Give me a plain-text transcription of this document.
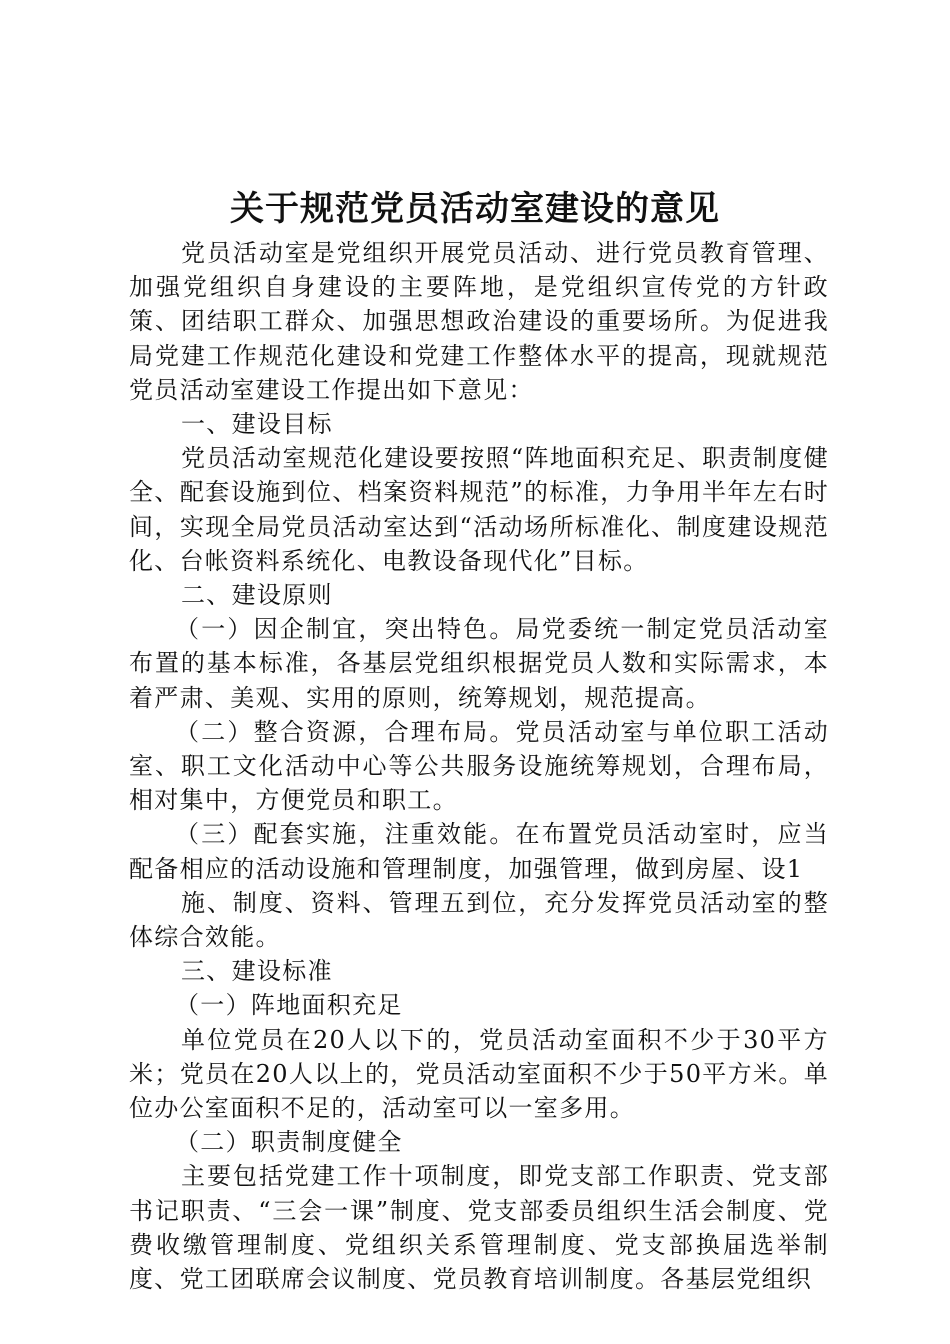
关于规范党员活动室建设的意见

党员活动室是党组织开展党员活动、进行党员教育管理、加强党组织自身建设的主要阵地，是党组织宣传党的方针政策、团结职工群众、加强思想政治建设的重要场所。为促进我局党建工作规范化建设和党建工作整体水平的提高，现就规范党员活动室建设工作提出如下意见：

一、建设目标

党员活动室规范化建设要按照“阵地面积充足、职责制度健全、配套设施到位、档案资料规范”的标准，力争用半年左右时间，实现全局党员活动室达到“活动场所标准化、制度建设规范化、台帐资料系统化、电教设备现代化”目标。

二、建设原则

（一）因企制宜，突出特色。局党委统一制定党员活动室布置的基本标准，各基层党组织根据党员人数和实际需求，本着严肃、美观、实用的原则，统筹规划，规范提高。

（二）整合资源，合理布局。党员活动室与单位职工活动室、职工文化活动中心等公共服务设施统筹规划，合理布局，相对集中，方便党员和职工。

（三）配套实施，注重效能。在布置党员活动室时，应当配备相应的活动设施和管理制度，加强管理，做到房屋、设1

施、制度、资料、管理五到位，充分发挥党员活动室的整体综合效能。

三、建设标准

（一）阵地面积充足

单位党员在20人以下的，党员活动室面积不少于30平方米；党员在20人以上的，党员活动室面积不少于50平方米。单位办公室面积不足的，活动室可以一室多用。

（二）职责制度健全

主要包括党建工作十项制度，即党支部工作职责、党支部书记职责、“三会一课”制度、党支部委员组织生活会制度、党费收缴管理制度、党组织关系管理制度、党支部换届选举制度、党工团联席会议制度、党员教育培训制度。各基层党组织
